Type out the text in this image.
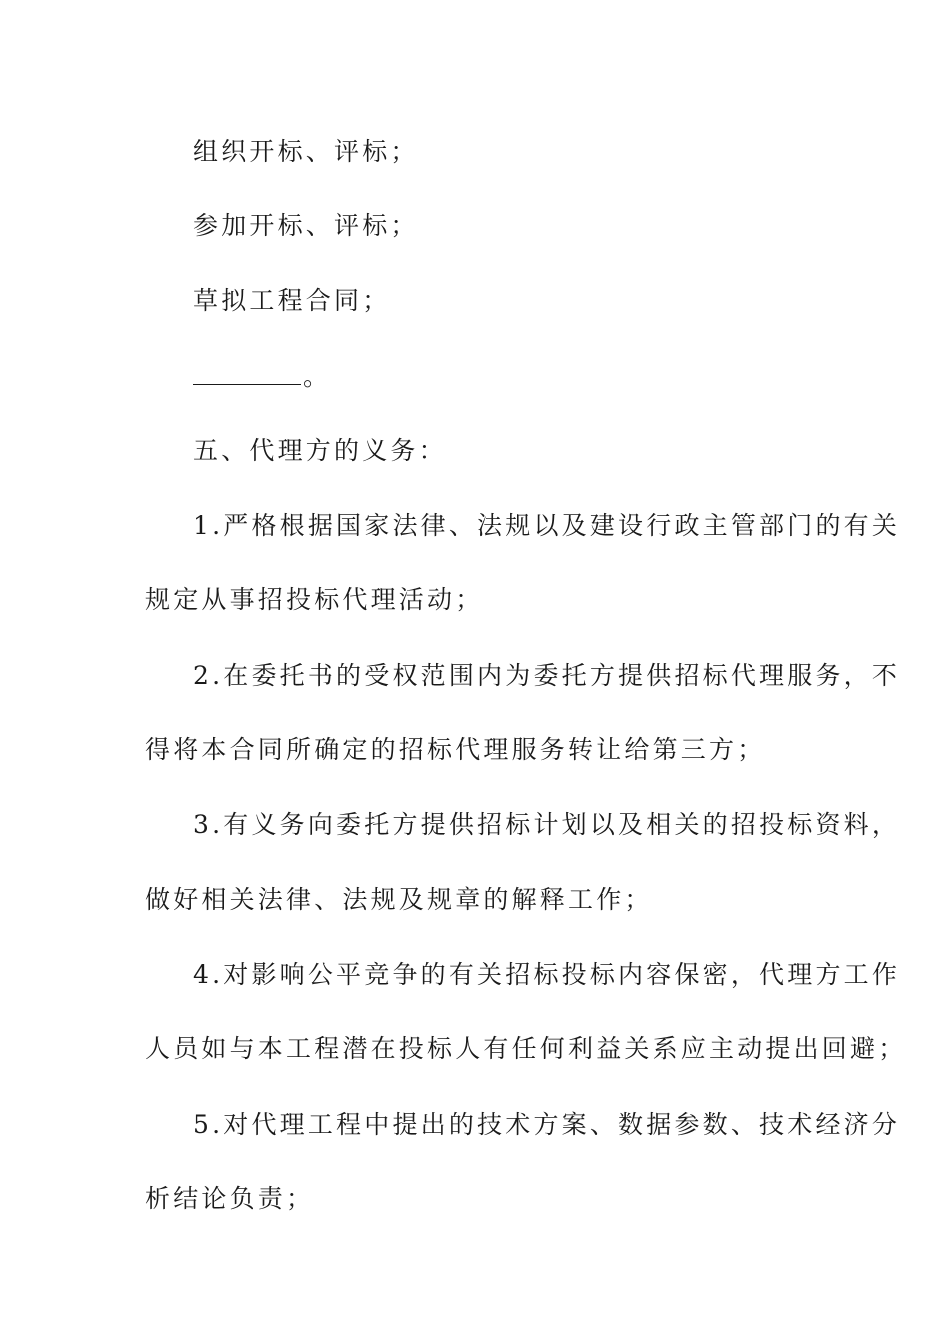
组织开标、评标；
参加开标、评标；
草拟工程合同；
。
五、代理方的义务：
1.严格根据国家法律、法规以及建设行政主管部门的有关
规定从事招投标代理活动；
2.在委托书的受权范围内为委托方提供招标代理服务，不
得将本合同所确定的招标代理服务转让给第三方；
3.有义务向委托方提供招标计划以及相关的招投标资料，
做好相关法律、法规及规章的解释工作；
4.对影响公平竞争的有关招标投标内容保密，代理方工作
人员如与本工程潜在投标人有任何利益关系应主动提出回避；
5.对代理工程中提出的技术方案、数据参数、技术经济分
析结论负责；
